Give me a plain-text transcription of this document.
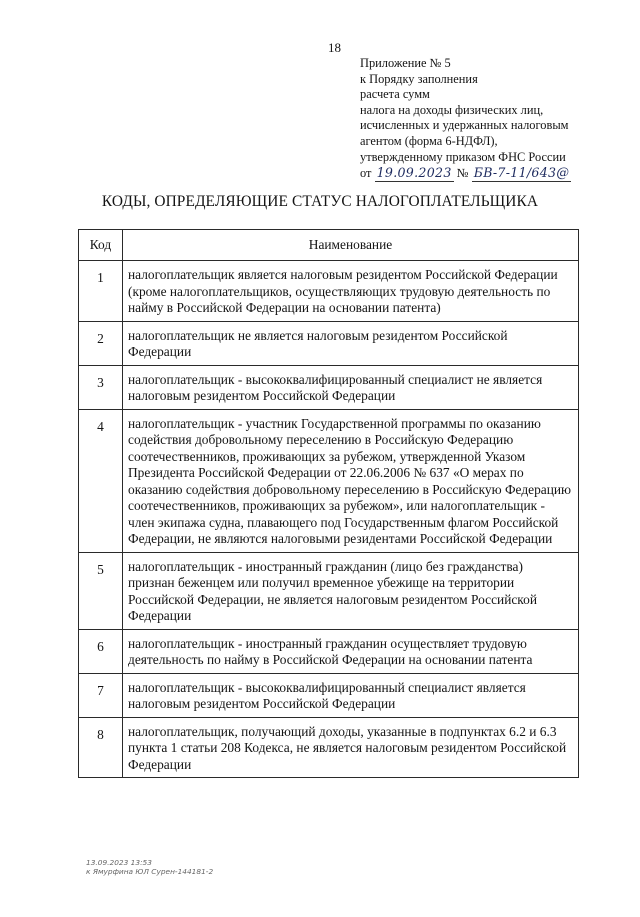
18
Приложение № 5
к Порядку заполнения
расчета сумм
налога на доходы физических лиц,
исчисленных и удержанных налоговым
агентом (форма 6-НДФЛ),
утвержденному приказом ФНС России
от 19.09.2023 № БВ-7-11/643@
КОДЫ, ОПРЕДЕЛЯЮЩИЕ СТАТУС НАЛОГОПЛАТЕЛЬЩИКА
Код	Наименование
1	налогоплательщик является налоговым резидентом Российской Федерации (кроме налогоплательщиков, осуществляющих трудовую деятельность по найму в Российской Федерации на основании патента)
2	налогоплательщик не является налоговым резидентом Российской Федерации
3	налогоплательщик - высококвалифицированный специалист не является налоговым резидентом Российской Федерации
4	налогоплательщик - участник Государственной программы по оказанию содействия добровольному переселению в Российскую Федерацию соотечественников, проживающих за рубежом, утвержденной Указом Президента Российской Федерации от 22.06.2006 № 637 «О мерах по оказанию содействия добровольному переселению в Российскую Федерацию соотечественников, проживающих за рубежом», или налогоплательщик - член экипажа судна, плавающего под Государственным флагом Российской Федерации, не являются налоговыми резидентами Российской Федерации
5	налогоплательщик - иностранный гражданин (лицо без гражданства) признан беженцем или получил временное убежище на территории Российской Федерации, не является налоговым резидентом Российской Федерации
6	налогоплательщик - иностранный гражданин осуществляет трудовую деятельность по найму в Российской Федерации на основании патента
7	налогоплательщик - высококвалифицированный специалист является налоговым резидентом Российской Федерации
8	налогоплательщик, получающий доходы, указанные в подпунктах 6.2 и 6.3 пункта 1 статьи 208 Кодекса, не является налоговым резидентом Российской Федерации
13.09.2023 13:53
к Ямурфина ЮЛ Сурен-144181-2
